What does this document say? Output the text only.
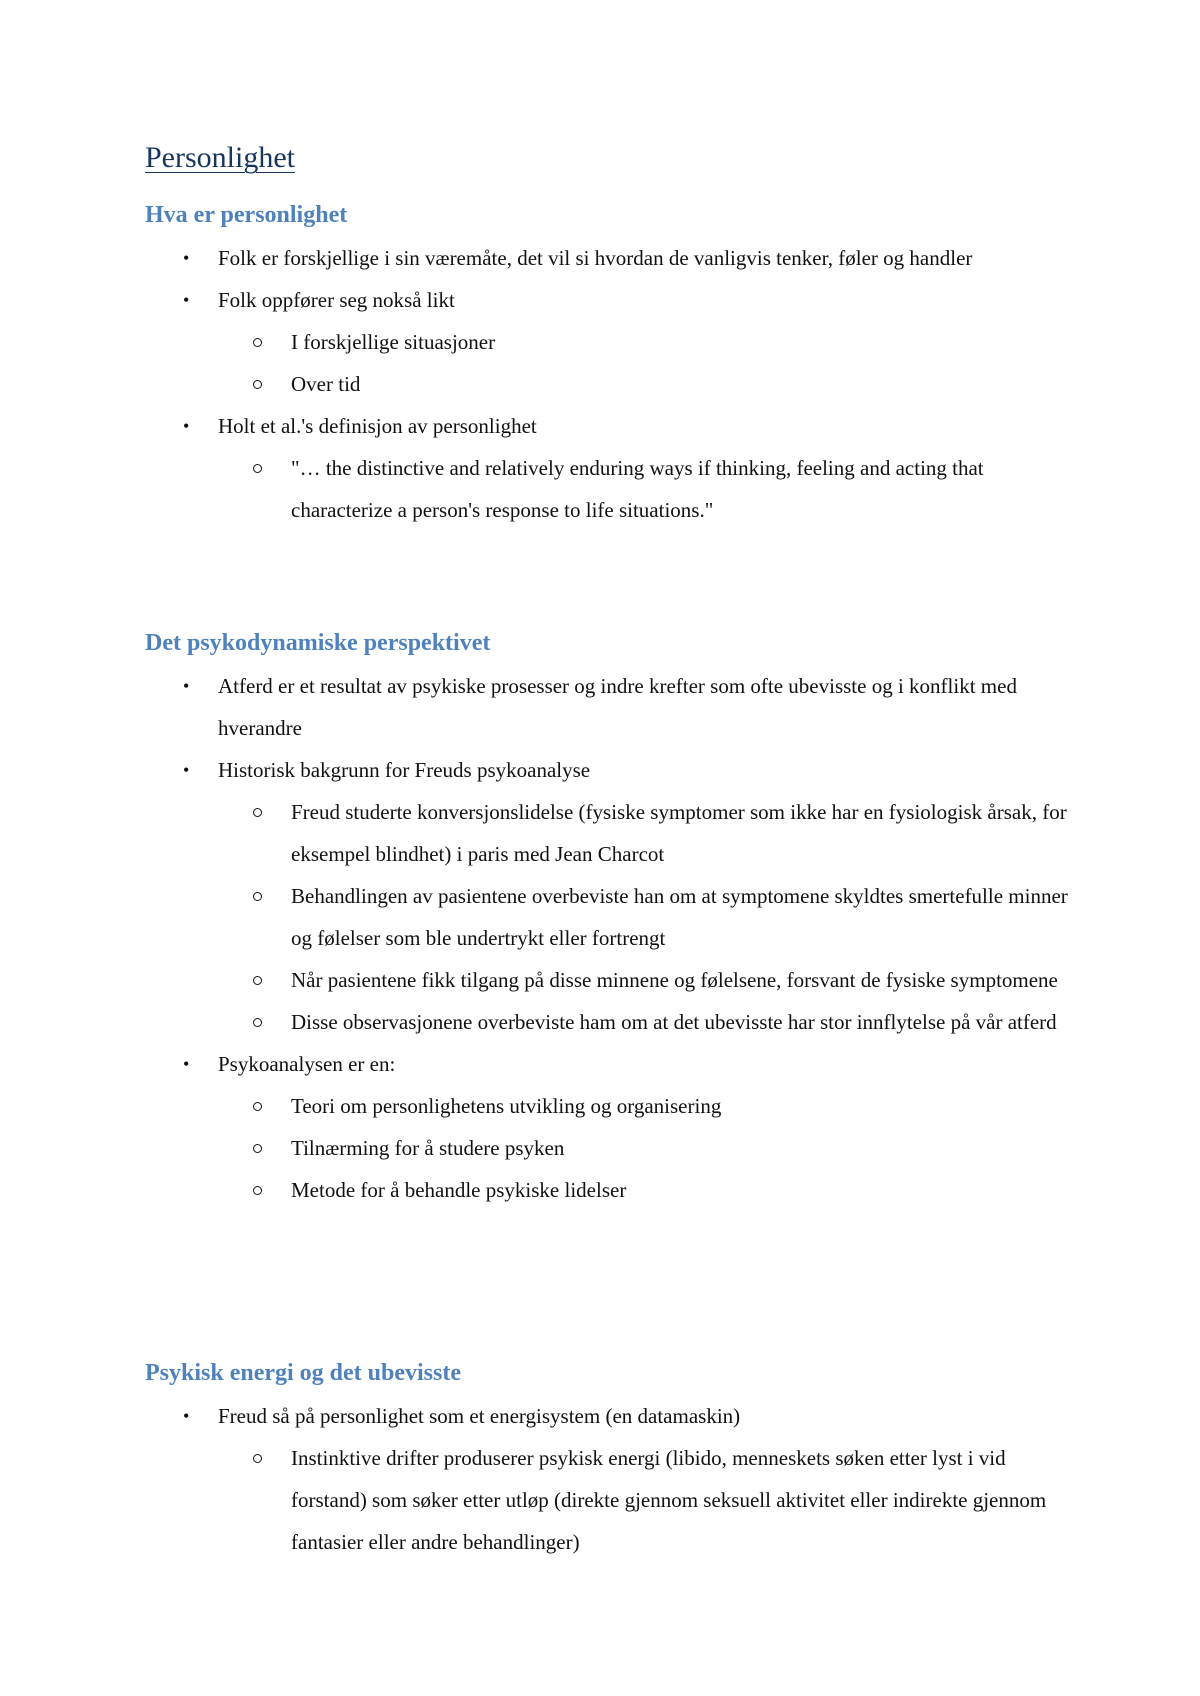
Personlighet
Hva er personlighet
• Folk er forskjellige i sin væremåte, det vil si hvordan de vanligvis tenker, føler og handler
• Folk oppfører seg nokså likt
I forskjellige situasjoner
Over tid
• Holt et al.'s definisjon av personlighet
"… the distinctive and relatively enduring ways if thinking, feeling and acting that characterize a person's response to life situations."
Det psykodynamiske perspektivet
• Atferd er et resultat av psykiske prosesser og indre krefter som ofte ubevisste og i konflikt med hverandre
• Historisk bakgrunn for Freuds psykoanalyse
Freud studerte konversjonslidelse (fysiske symptomer som ikke har en fysiologisk årsak, for eksempel blindhet) i paris med Jean Charcot
Behandlingen av pasientene overbeviste han om at symptomene skyldtes smertefulle minner og følelser som ble undertrykt eller fortrengt
Når pasientene fikk tilgang på disse minnene og følelsene, forsvant de fysiske symptomene
Disse observasjonene overbeviste ham om at det ubevisste har stor innflytelse på vår atferd
• Psykoanalysen er en:
Teori om personlighetens utvikling og organisering
Tilnærming for å studere psyken
Metode for å behandle psykiske lidelser
Psykisk energi og det ubevisste
• Freud så på personlighet som et energisystem (en datamaskin)
Instinktive drifter produserer psykisk energi (libido, menneskets søken etter lyst i vid forstand) som søker etter utløp (direkte gjennom seksuell aktivitet eller indirekte gjennom fantasier eller andre behandlinger)
